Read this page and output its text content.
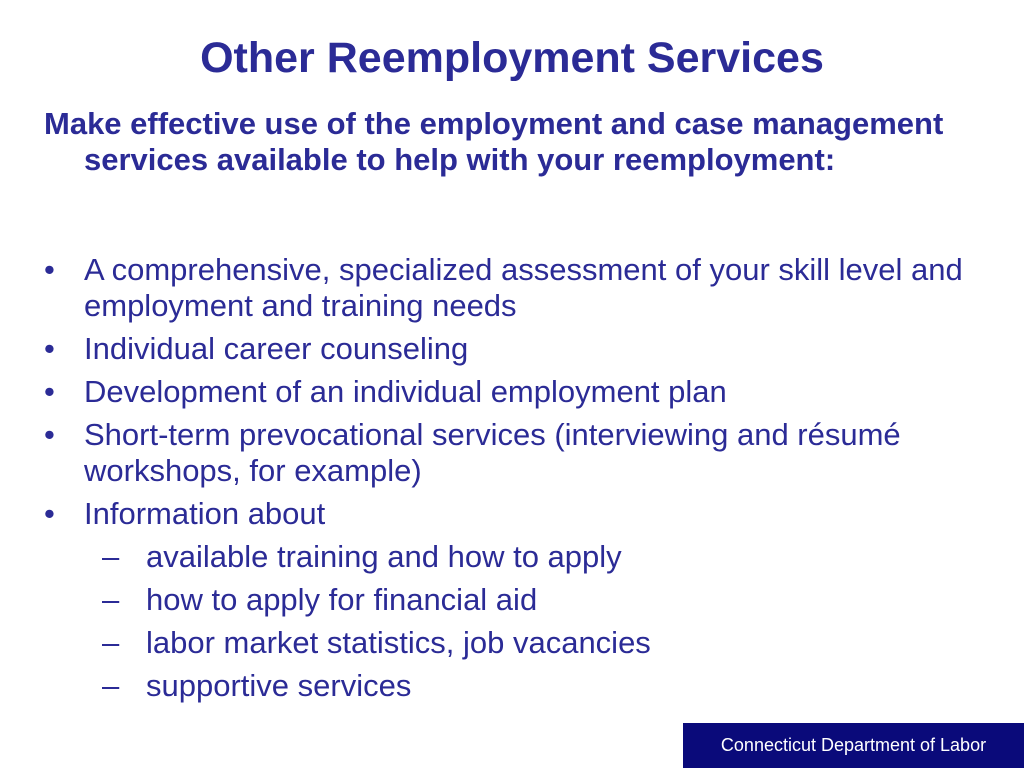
Other Reemployment Services
Make effective use of the employment and case management services available to help with your reemployment:
• A comprehensive, specialized assessment of your skill level and employment and training needs
• Individual career counseling
• Development of an individual employment plan
• Short-term prevocational services (interviewing and résumé workshops, for example)
• Information about
– available training and how to apply
– how to apply for financial aid
– labor market statistics, job vacancies
– supportive services
Connecticut Department of Labor
